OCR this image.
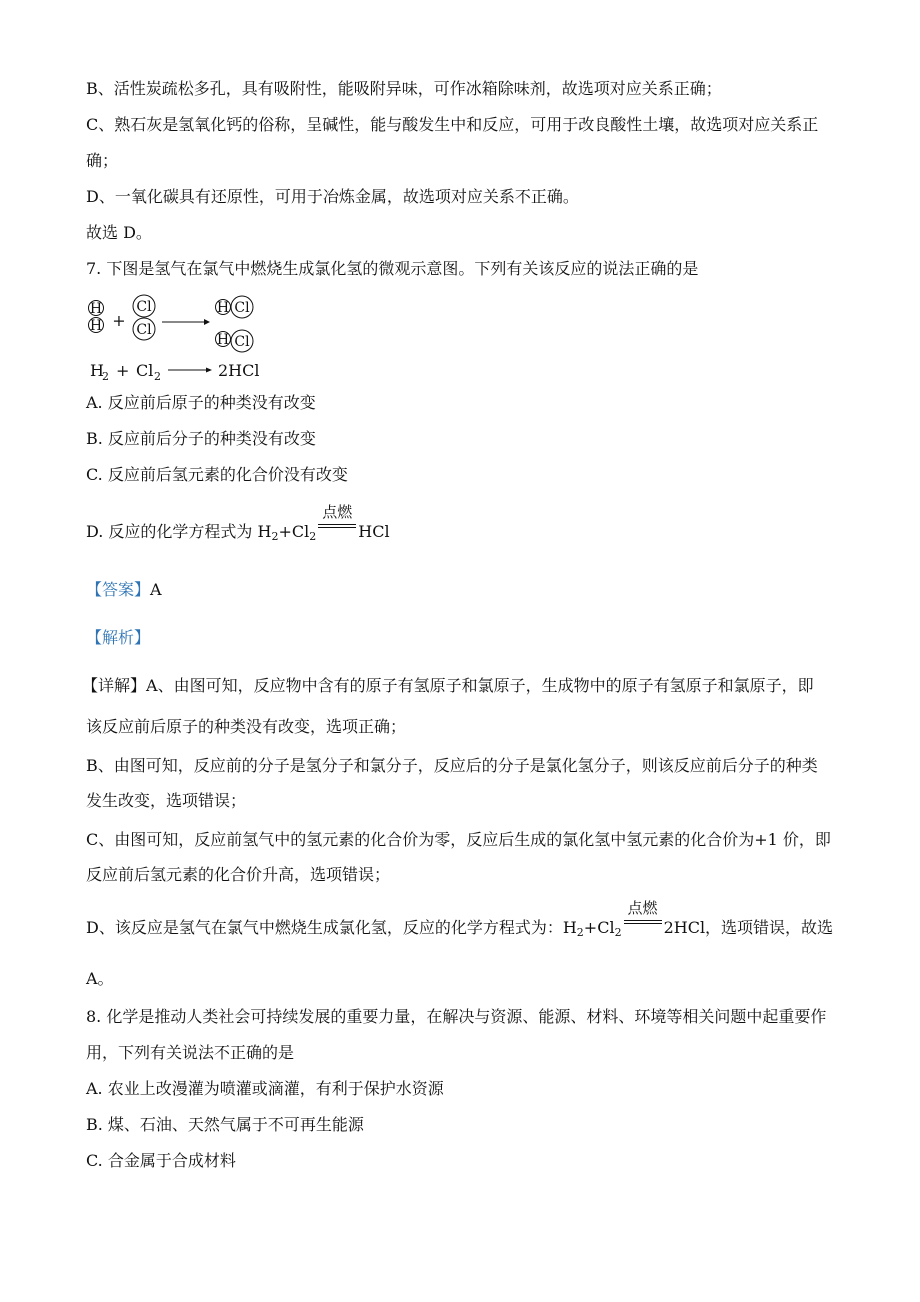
B、活性炭疏松多孔，具有吸附性，能吸附异味，可作冰箱除味剂，故选项对应关系正确；
C、熟石灰是氢氧化钙的俗称，呈碱性，能与酸发生中和反应，可用于改良酸性土壤，故选项对应关系正
确；
D、一氧化碳具有还原性，可用于冶炼金属，故选项对应关系不正确。
故选 D。
7. 下图是氢气在氯气中燃烧生成氯化氢的微观示意图。下列有关该反应的说法正确的是
H
H +
Cl
Cl
H Cl
H Cl
H
2 + Cl 2	2HCl
A. 反应前后原子的种类没有改变
B. 反应前后分子的种类没有改变
C. 反应前后氢元素的化合价没有改变
D. 反应的化学方程式为 $H_2+Cl_2$
点燃
HCl
【答案】A
【解析】
【详解】A、由图可知，反应物中含有的原子有氢原子和氯原子，生成物中的原子有氢原子和氯原子，即
该反应前后原子的种类没有改变，选项正确；
B、由图可知，反应前的分子是氢分子和氯分子，反应后的分子是氯化氢分子，则该反应前后分子的种类
发生改变，选项错误；
C、由图可知，反应前氢气中的氢元素的化合价为零，反应后生成的氯化氢中氢元素的化合价为+1 价，即
反应前后氢元素的化合价升高，选项错误；
D、该反应是氢气在氯气中燃烧生成氯化氢，反应的化学方程式为：$H_2+Cl_2$
点燃
2HCl，选项错误，故选
A。
8. 化学是推动人类社会可持续发展的重要力量，在解决与资源、能源、材料、环境等相关问题中起重要作
用，下列有关说法不正确的是
A. 农业上改漫灌为喷灌或滴灌，有利于保护水资源
B. 煤、石油、天然气属于不可再生能源
C. 合金属于合成材料
